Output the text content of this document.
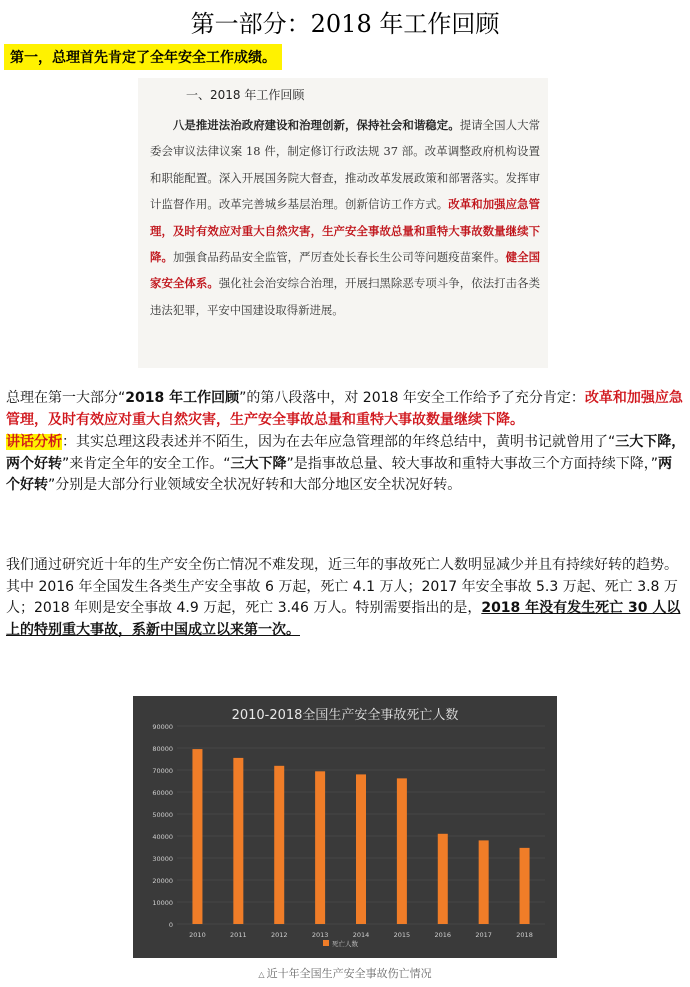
第一部分：2018 年工作回顾
第一，总理首先肯定了全年安全工作成绩。
一、2018 年工作回顾
  八是推进法治政府建设和治理创新，保持社会和谐稳定。提请全国人大常委会审议法律议案 18 件，制定修订行政法规 37 部。改革调整政府机构设置和职能配置。深入开展国务院大督查，推动改革发展政策和部署落实。发挥审计监督作用。改革完善城乡基层治理。创新信访工作方式。改革和加强应急管理，及时有效应对重大自然灾害，生产安全事故总量和重特大事故数量继续下降。加强食品药品安全监管，严厉查处长春长生公司等问题疫苗案件。健全国家安全体系。强化社会治安综合治理，开展扫黑除恶专项斗争，依法打击各类违法犯罪，平安中国建设取得新进展。
总理在第一大部分“2018 年工作回顾”的第八段落中，对 2018 年安全工作给予了充分肯定：改革和加强应急管理，及时有效应对重大自然灾害，生产安全事故总量和重特大事故数量继续下降。
讲话分析：其实总理这段表述并不陌生，因为在去年应急管理部的年终总结中，黄明书记就曾用了“三大下降，两个好转”来肯定全年的安全工作。“三大下降”是指事故总量、较大事故和重特大事故三个方面持续下降，”两个好转”分别是大部分行业领域安全状况好转和大部分地区安全状况好转。
我们通过研究近十年的生产安全伤亡情况不难发现，近三年的事故死亡人数明显减少并且有持续好转的趋势。其中 2016 年全国发生各类生产安全事故 6 万起，死亡 4.1 万人；2017 年安全事故 5.3 万起、死亡 3.8 万人；2018 年则是安全事故 4.9 万起，死亡 3.46 万人。特别需要指出的是，2018 年没有发生死亡 30 人以上的特别重大事故，系新中国成立以来第一次。
2010-2018全国生产安全事故死亡人数
0
10000
20000
30000
40000
50000
60000
70000
80000
90000
2010	2011	2012	2013	2014	2015	2016	2017	2018
死亡人数
△ 近十年全国生产安全事故伤亡情况
